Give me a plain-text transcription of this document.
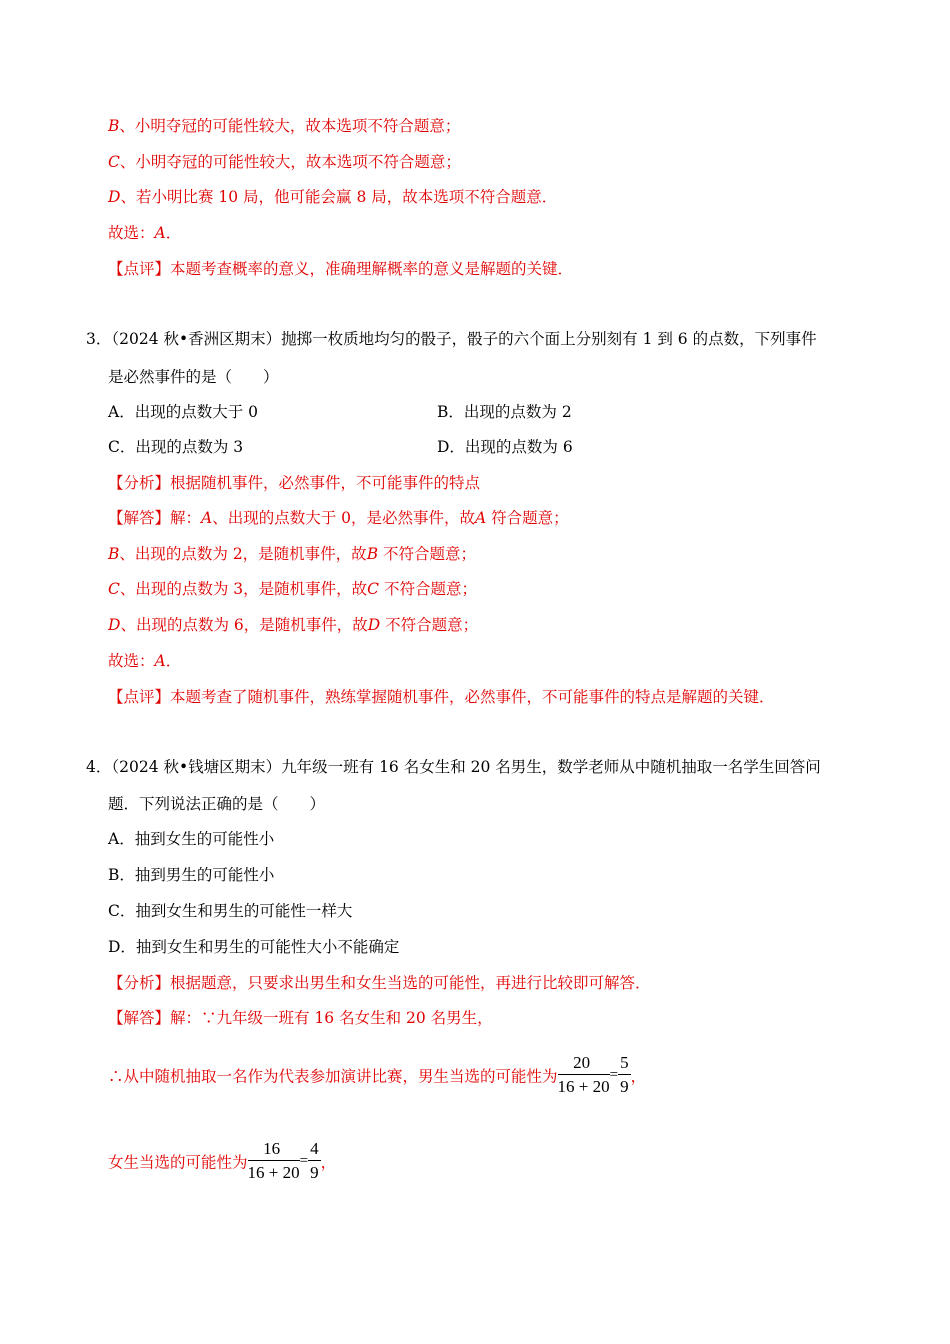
B、小明夺冠的可能性较大，故本选项不符合题意；
C、小明夺冠的可能性较大，故本选项不符合题意；
D、若小明比赛 10 局，他可能会赢 8 局，故本选项不符合题意．
故选：A．
【点评】本题考查概率的意义，准确理解概率的意义是解题的关键．
3．（2024 秋•香洲区期末）抛掷一枚质地均匀的骰子，骰子的六个面上分别刻有 1 到 6 的点数，下列事件
是必然事件的是（　　）
A．出现的点数大于 0	B．出现的点数为 2
C．出现的点数为 3	D．出现的点数为 6
【分析】根据随机事件，必然事件，不可能事件的特点
【解答】解：A、出现的点数大于 0，是必然事件，故A 符合题意；
B、出现的点数为 2，是随机事件，故B 不符合题意；
C、出现的点数为 3，是随机事件，故C 不符合题意；
D、出现的点数为 6，是随机事件，故D 不符合题意；
故选：A．
【点评】本题考查了随机事件，熟练掌握随机事件，必然事件，不可能事件的特点是解题的关键．
4．（2024 秋•钱塘区期末）九年级一班有 16 名女生和 20 名男生，数学老师从中随机抽取一名学生回答问
题．下列说法正确的是（　　）
A．抽到女生的可能性小
B．抽到男生的可能性小
C．抽到女生和男生的可能性一样大
D．抽到女生和男生的可能性大小不能确定
【分析】根据题意，只要求出男生和女生当选的可能性，再进行比较即可解答．
【解答】解：∵九年级一班有 16 名女生和 20 名男生，
∴从中随机抽取一名作为代表参加演讲比赛，男生当选的可能性为 $\frac{20}{16 + 20} = \frac{5}{9}$ ，
女生当选的可能性为 $\frac{16}{16 + 20} = \frac{4}{9}$ ，
